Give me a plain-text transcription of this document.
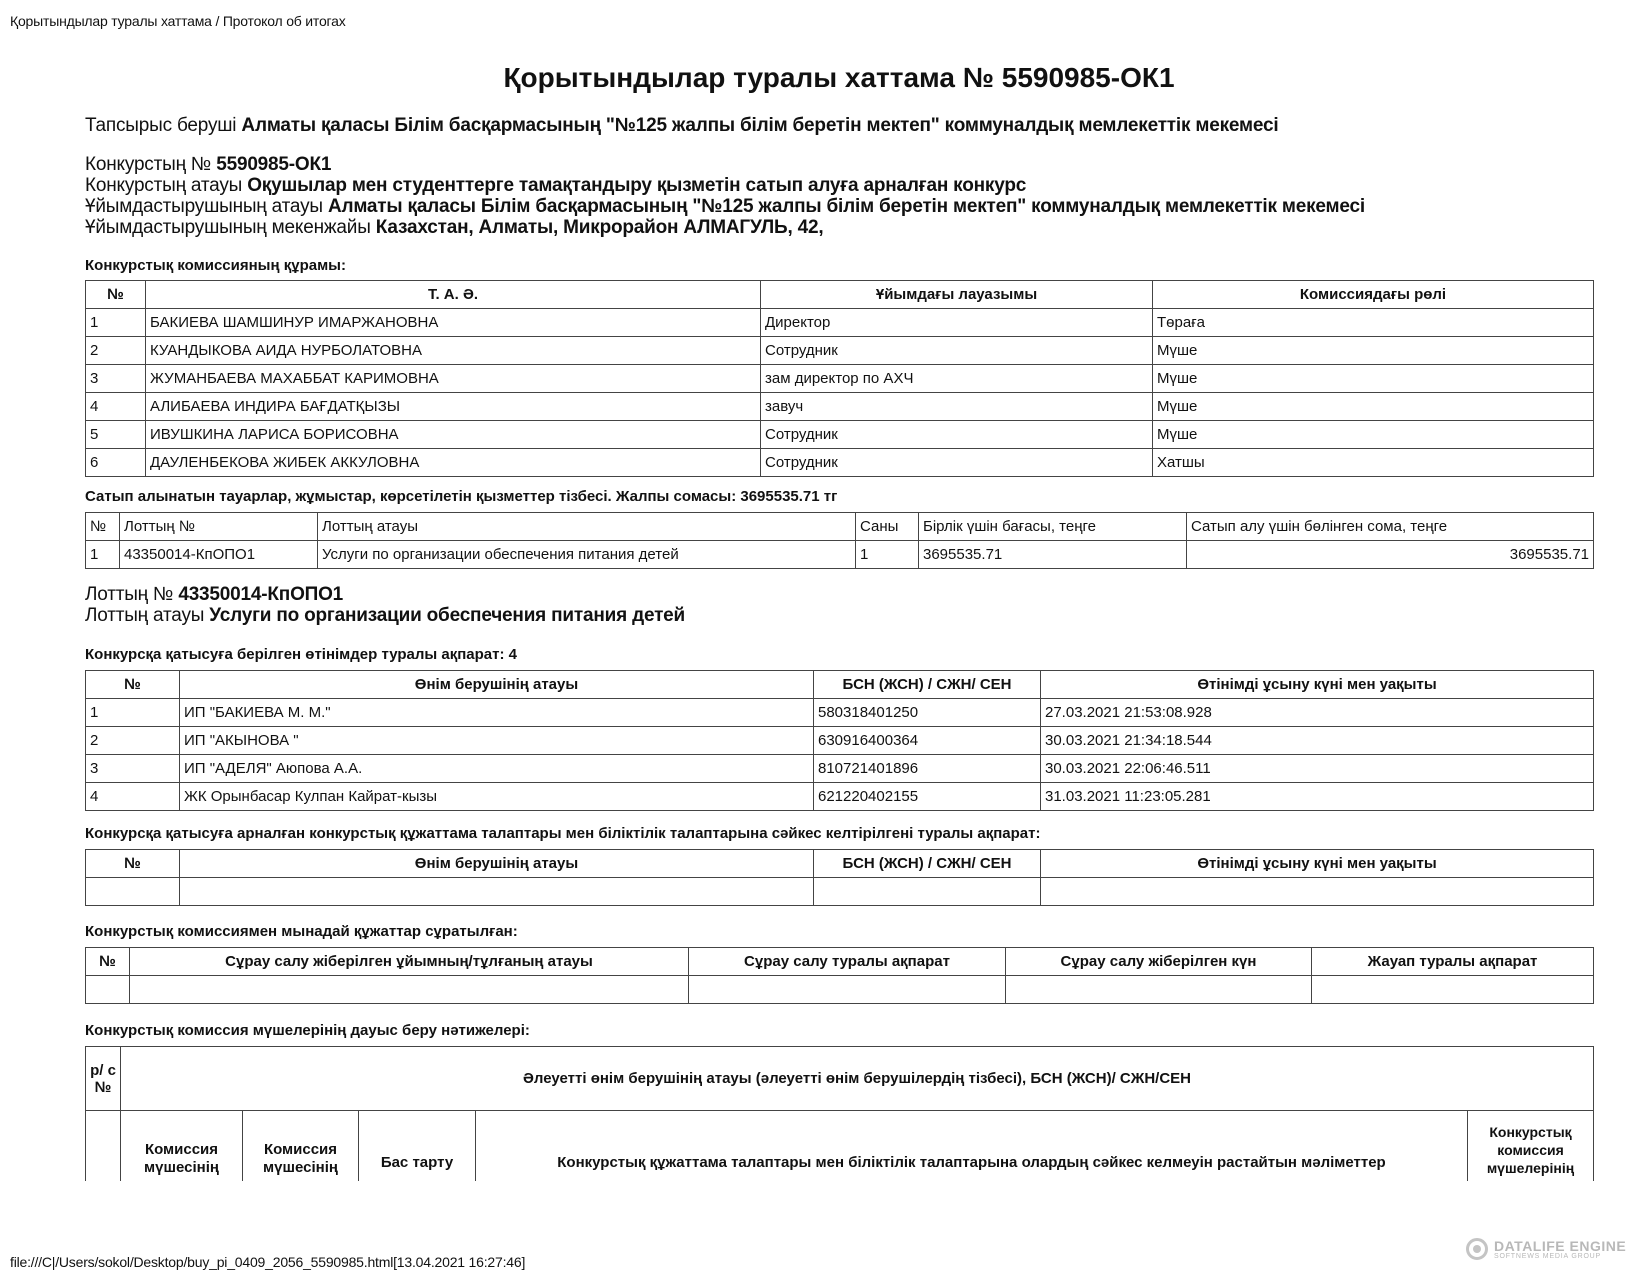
Қорытындылар туралы хаттама / Протокол об итогах
Қорытындылар туралы хаттама № 5590985-ОК1
Тапсырыс беруші Алматы қаласы Білім басқармасының "№125 жалпы білім беретін мектеп" коммуналдық мемлекеттік мекемесі
Конкурстың № 5590985-ОК1
Конкурстың атауы Оқушылар мен студенттерге тамақтандыру қызметін сатып алуға арналған конкурс
Ұйымдастырушының атауы Алматы қаласы Білім басқармасының "№125 жалпы білім беретін мектеп" коммуналдық мемлекеттік мекемесі
Ұйымдастырушының мекенжайы Казахстан, Алматы, Микрорайон АЛМАГУЛЬ, 42,
Конкурстық комиссияның құрамы:
№	Т. А. Ә.	Ұйымдағы лауазымы	Комиссиядағы рөлі
1	БАКИЕВА ШАМШИНУР ИМАРЖАНОВНА	Директор	Төраға
2	КУАНДЫКОВА АИДА НУРБОЛАТОВНА	Сотрудник	Мүше
3	ЖУМАНБАЕВА МАХАББАТ КАРИМОВНА	зам директор по АХЧ	Мүше
4	АЛИБАЕВА ИНДИРА БАҒДАТҚЫЗЫ	завуч	Мүше
5	ИВУШКИНА ЛАРИСА БОРИСОВНА	Сотрудник	Мүше
6	ДАУЛЕНБЕКОВА ЖИБЕК АККУЛОВНА	Сотрудник	Хатшы
Сатып алынатын тауарлар, жұмыстар, көрсетілетін қызметтер тізбесі. Жалпы сомасы: 3695535.71 тг
№	Лоттың №	Лоттың атауы	Саны	Бірлік үшін бағасы, теңге	Сатып алу үшін бөлінген сома, теңге
1	43350014-КпОПО1	Услуги по организации обеспечения питания детей	1	3695535.71	3695535.71
Лоттың № 43350014-КпОПО1
Лоттың атауы Услуги по организации обеспечения питания детей
Конкурсқа қатысуға берілген өтінімдер туралы ақпарат: 4
№	Өнім берушінің атауы	БСН (ЖСН) / СЖН/ СЕН	Өтінімді ұсыну күні мен уақыты
1	ИП "БАКИЕВА М. М."	580318401250	27.03.2021 21:53:08.928
2	ИП "АКЫНОВА "	630916400364	30.03.2021 21:34:18.544
3	ИП "АДЕЛЯ" Аюпова А.А.	810721401896	30.03.2021 22:06:46.511
4	ЖК Орынбасар Кулпан Кайрат-кызы	621220402155	31.03.2021 11:23:05.281
Конкурсқа қатысуға арналған конкурстық құжаттама талаптары мен біліктілік талаптарына сәйкес келтірілгені туралы ақпарат:
№	Өнім берушінің атауы	БСН (ЖСН) / СЖН/ СЕН	Өтінімді ұсыну күні мен уақыты

Конкурстық комиссиямен мынадай құжаттар сұратылған:
№	Сұрау салу жіберілген ұйымның/тұлғаның атауы	Сұрау салу туралы ақпарат	Сұрау салу жіберілген күн	Жауап туралы ақпарат

Конкурстық комиссия мүшелерінің дауыс беру нәтижелері:
р/ с №	Әлеуетті өнім берушінің атауы (әлеуетті өнім берушілердің тізбесі), БСН (ЖСН)/ СЖН/СЕН				
	Комиссия мүшесінің	Комиссия мүшесінің	Бас тарту	Конкурстық құжаттама талаптары мен біліктілік талаптарына олардың сәйкес келмеуін растайтын мәліметтер	Конкурстық комиссия мүшелерінің
file:///C|/Users/sokol/Desktop/buy_pi_0409_2056_5590985.html[13.04.2021 16:27:46]
DATALIFE ENGINE
SOFTNEWS MEDIA GROUP
